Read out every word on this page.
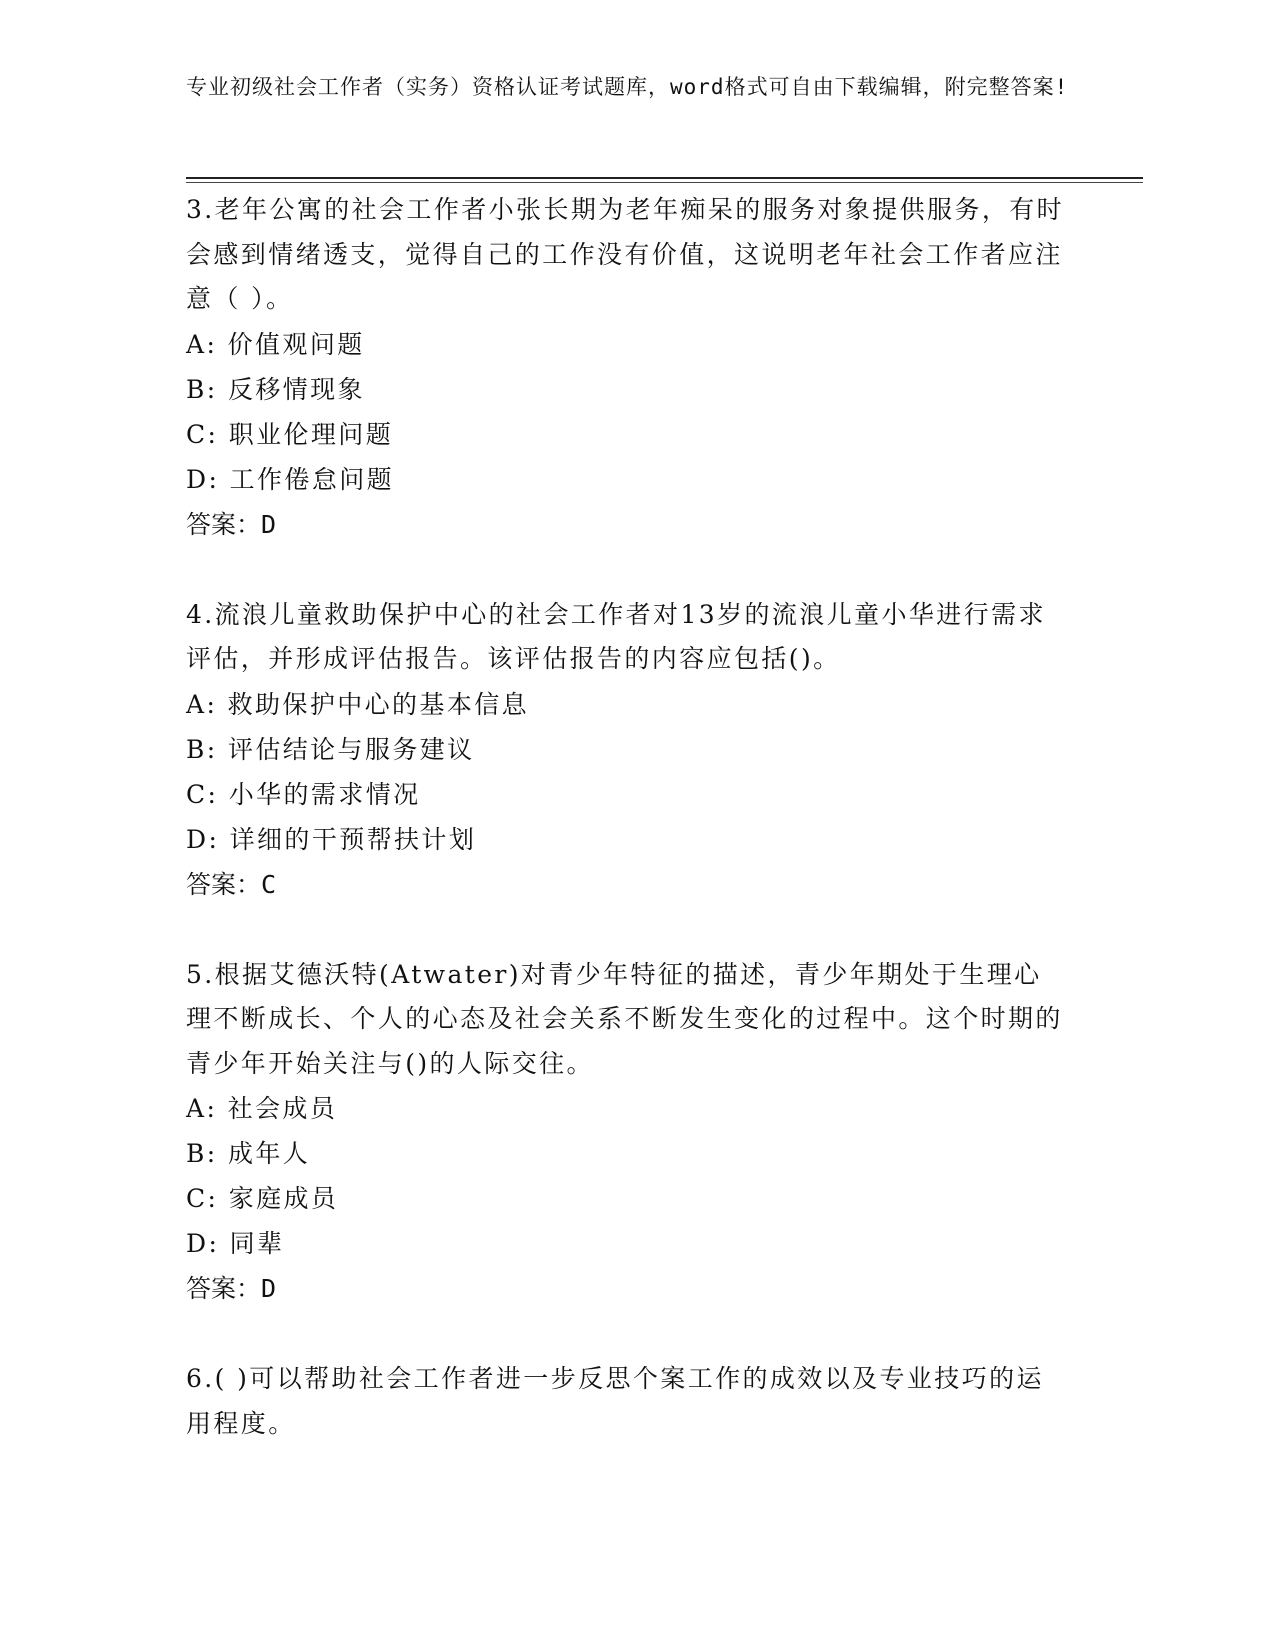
专业初级社会工作者（实务）资格认证考试题库，word格式可自由下载编辑，附完整答案!

3.老年公寓的社会工作者小张长期为老年痴呆的服务对象提供服务，有时会感到情绪透支，觉得自己的工作没有价值，这说明老年社会工作者应注意（ ）。

A: 价值观问题

B: 反移情现象

C: 职业伦理问题

D: 工作倦怠问题

答案：D

4.流浪儿童救助保护中心的社会工作者对13岁的流浪儿童小华进行需求评估，并形成评估报告。该评估报告的内容应包括()。

A: 救助保护中心的基本信息

B: 评估结论与服务建议

C: 小华的需求情况

D: 详细的干预帮扶计划

答案：C

5.根据艾德沃特(Atwater)对青少年特征的描述，青少年期处于生理心理不断成长、个人的心态及社会关系不断发生变化的过程中。这个时期的青少年开始关注与()的人际交往。

A: 社会成员

B: 成年人

C: 家庭成员

D: 同辈

答案：D

6.( )可以帮助社会工作者进一步反思个案工作的成效以及专业技巧的运用程度。
